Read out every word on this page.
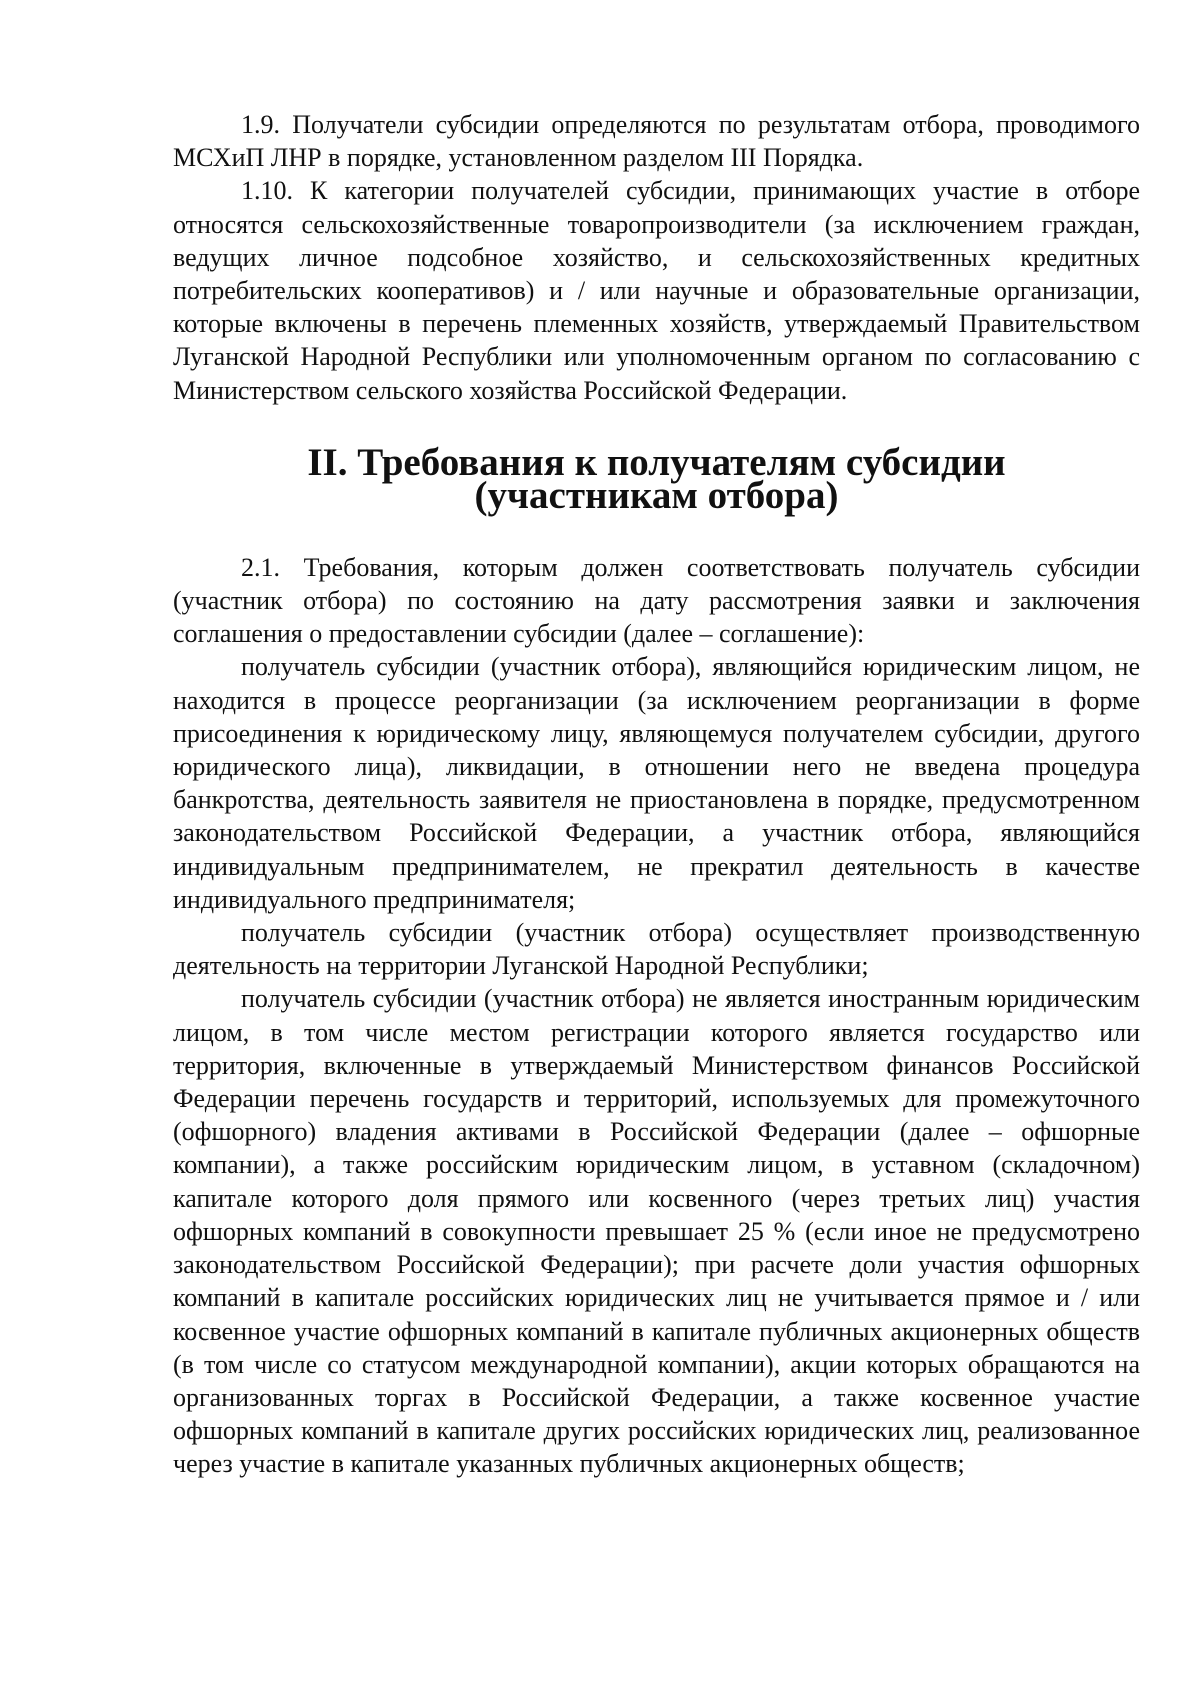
1.9. Получатели субсидии определяются по результатам отбора, проводимого МСХиП ЛНР в порядке, установленном разделом III Порядка.

1.10. К категории получателей субсидии, принимающих участие в отборе относятся сельскохозяйственные товаропроизводители (за исключением граждан, ведущих личное подсобное хозяйство, и сельскохозяйственных кредитных потребительских кооперативов) и / или научные и образовательные организации, которые включены в перечень племенных хозяйств, утверждаемый Правительством Луганской Народной Республики или уполномоченным органом по согласованию с Министерством сельского хозяйства Российской Федерации.

II. Требования к получателям субсидии
(участникам отбора)

2.1. Требования, которым должен соответствовать получатель субсидии (участник отбора) по состоянию на дату рассмотрения заявки и заключения соглашения о предоставлении субсидии (далее – соглашение):

получатель субсидии (участник отбора), являющийся юридическим лицом, не находится в процессе реорганизации (за исключением реорганизации в форме присоединения к юридическому лицу, являющемуся получателем субсидии, другого юридического лица), ликвидации, в отношении него не введена процедура банкротства, деятельность заявителя не приостановлена в порядке, предусмотренном законодательством Российской Федерации, а участник отбора, являющийся индивидуальным предпринимателем, не прекратил деятельность в качестве индивидуального предпринимателя;

получатель субсидии (участник отбора) осуществляет производственную деятельность на территории Луганской Народной Республики;

получатель субсидии (участник отбора) не является иностранным юридическим лицом, в том числе местом регистрации которого является государство или территория, включенные в утверждаемый Министерством финансов Российской Федерации перечень государств и территорий, используемых для промежуточного (офшорного) владения активами в Российской Федерации (далее – офшорные компании), а также российским юридическим лицом, в уставном (складочном) капитале которого доля прямого или косвенного (через третьих лиц) участия офшорных компаний в совокупности превышает 25 % (если иное не предусмотрено законодательством Российской Федерации); при расчете доли участия офшорных компаний в капитале российских юридических лиц не учитывается прямое и / или косвенное участие офшорных компаний в капитале публичных акционерных обществ (в том числе со статусом международной компании), акции которых обращаются на организованных торгах в Российской Федерации, а также косвенное участие офшорных компаний в капитале других российских юридических лиц, реализованное через участие в капитале указанных публичных акционерных обществ;
